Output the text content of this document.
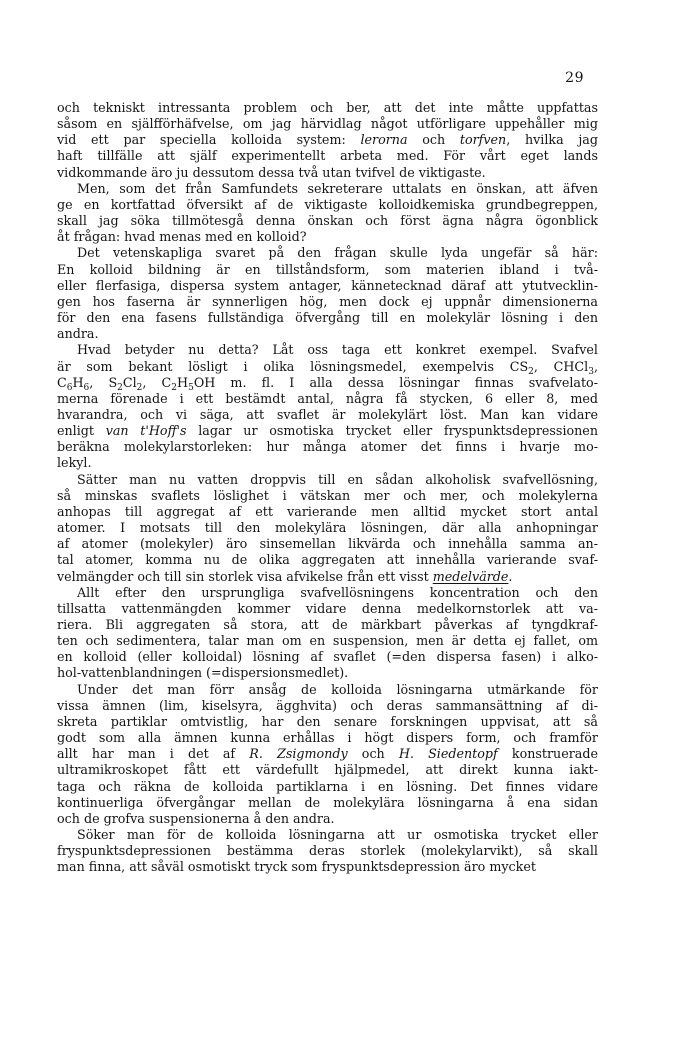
29
och tekniskt intressanta problem och ber, att det inte måtte uppfattas
såsom en själfförhäfvelse, om jag härvidlag något utförligare uppehåller mig
vid ett par speciella kolloida system: lerorna och torfven, hvilka jag
haft tillfälle att själf experimentellt arbeta med. För vårt eget lands
vidkommande äro ju dessutom dessa två utan tvifvel de viktigaste.
Men, som det från Samfundets sekreterare uttalats en önskan, att äfven
ge en kortfattad öfversikt af de viktigaste kolloidkemiska grundbegreppen,
skall jag söka tillmötesgå denna önskan och först ägna några ögonblick
åt frågan: hvad menas med en kolloid?
Det vetenskapliga svaret på den frågan skulle lyda ungefär så här:
En kolloid bildning är en tillståndsform, som materien ibland i två-
eller flerfasiga, dispersa system antager, kännetecknad däraf att ytutvecklin-
gen hos faserna är synnerligen hög, men dock ej uppnår dimensionerna
för den ena fasens fullständiga öfvergång till en molekylär lösning i den
andra.
Hvad betyder nu detta? Låt oss taga ett konkret exempel. Svafvel
är som bekant lösligt i olika lösningsmedel, exempelvis $CS_2$, CHCl$_3$,
$C_6H_6$, $S_2Cl_2$, $C_2H_5OH$ m. fl. I alla dessa lösningar finnas svafvelato-
merna förenade i ett bestämdt antal, några få stycken, 6 eller 8, med
hvarandra, och vi säga, att svaflet är molekylärt löst. Man kan vidare
enligt van t'Hoff's lagar ur osmotiska trycket eller fryspunktsdepressionen
beräkna molekylarstorleken: hur många atomer det finns i hvarje mo-
lekyl.
Sätter man nu vatten droppvis till en sådan alkoholisk svafvellösning,
så minskas svaflets löslighet i vätskan mer och mer, och molekylerna
anhopas till aggregat af ett varierande men alltid mycket stort antal
atomer. I motsats till den molekylära lösningen, där alla anhopningar
af atomer (molekyler) äro sinsemellan likvärda och innehålla samma an-
tal atomer, komma nu de olika aggregaten att innehålla varierande svaf-
velmängder och till sin storlek visa afvikelse från ett visst medelvärde.
Allt efter den ursprungliga svafvellösningens koncentration och den
tillsatta vattenmängden kommer vidare denna medelkornstorlek att va-
riera. Bli aggregaten så stora, att de märkbart påverkas af tyngdkraf-
ten och sedimentera, talar man om en suspension, men är detta ej fallet, om
en kolloid (eller kolloidal) lösning af svaflet (=den dispersa fasen) i alko-
hol-vattenblandningen (=dispersionsmedlet).
Under det man förr ansåg de kolloida lösningarna utmärkande för
vissa ämnen (lim, kiselsyra, ägghvita) och deras sammansättning af di-
skreta partiklar omtvistlig, har den senare forskningen uppvisat, att så
godt som alla ämnen kunna erhållas i högt dispers form, och framför
allt har man i det af R. Zsigmondy och H. Siedentopf konstruerade
ultramikroskopet fått ett värdefullt hjälpmedel, att direkt kunna iakt-
taga och räkna de kolloida partiklarna i en lösning. Det finnes vidare
kontinuerliga öfvergångar mellan de molekylära lösningarna å ena sidan
och de grofva suspensionerna å den andra.
Söker man för de kolloida lösningarna att ur osmotiska trycket eller
fryspunktsdepressionen bestämma deras storlek (molekylarvikt), så skall
man finna, att såväl osmotiskt tryck som fryspunktsdepression äro mycket
